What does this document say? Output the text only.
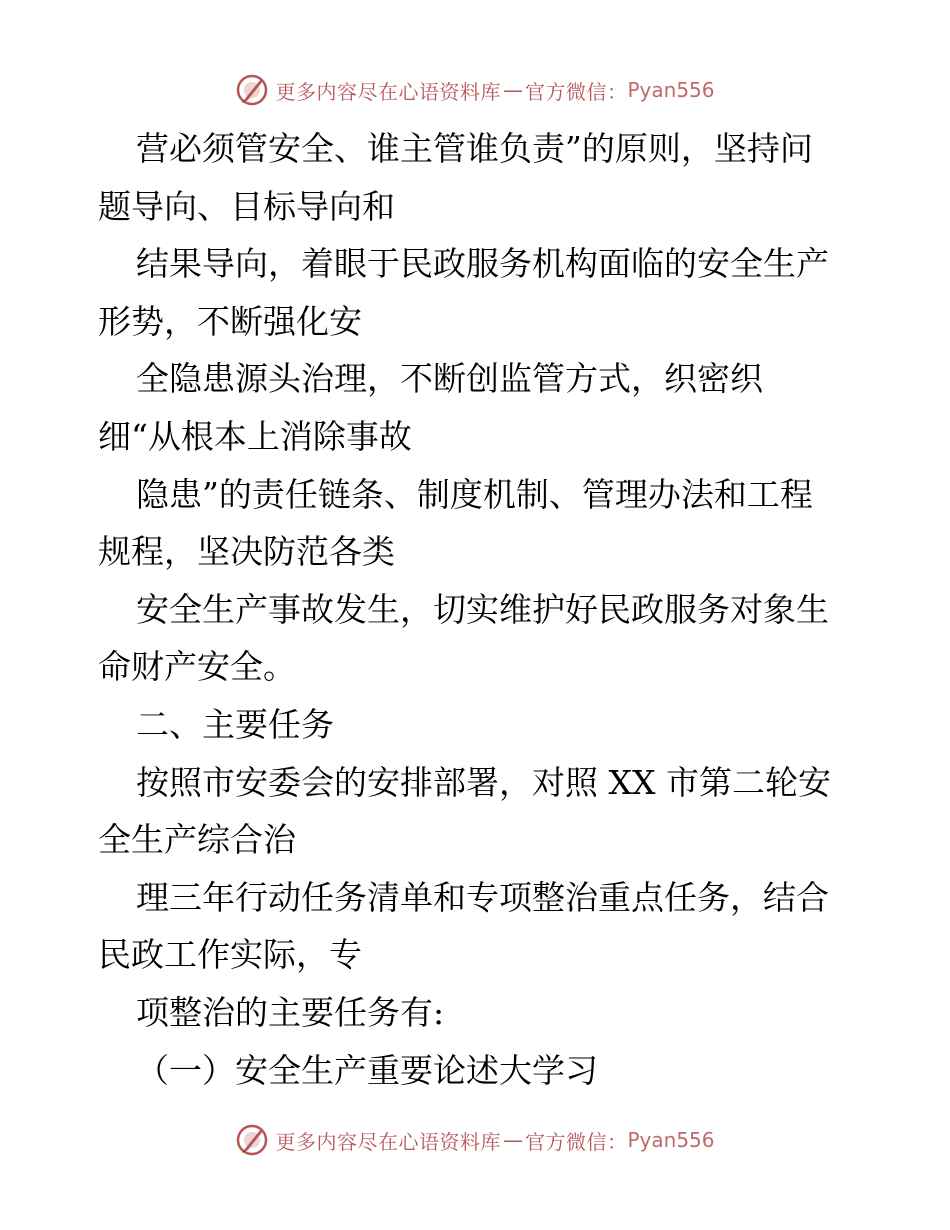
更多内容尽在心语资料库 — 官方微信： Pyan556
营必须管安全、谁主管谁负责”的原则，坚持问
题导向、目标导向和
结果导向，着眼于民政服务机构面临的安全生产
形势，不断强化安
全隐患源头治理，不断创监管方式，织密织
细“从根本上消除事故
隐患”的责任链条、制度机制、管理办法和工程
规程，坚决防范各类
安全生产事故发生，切实维护好民政服务对象生
命财产安全。
二、主要任务
按照市安委会的安排部署，对照 XX 市第二轮安
全生产综合治
理三年行动任务清单和专项整治重点任务，结合
民政工作实际，专
项整治的主要任务有:
（一）安全生产重要论述大学习
更多内容尽在心语资料库 — 官方微信： Pyan556
